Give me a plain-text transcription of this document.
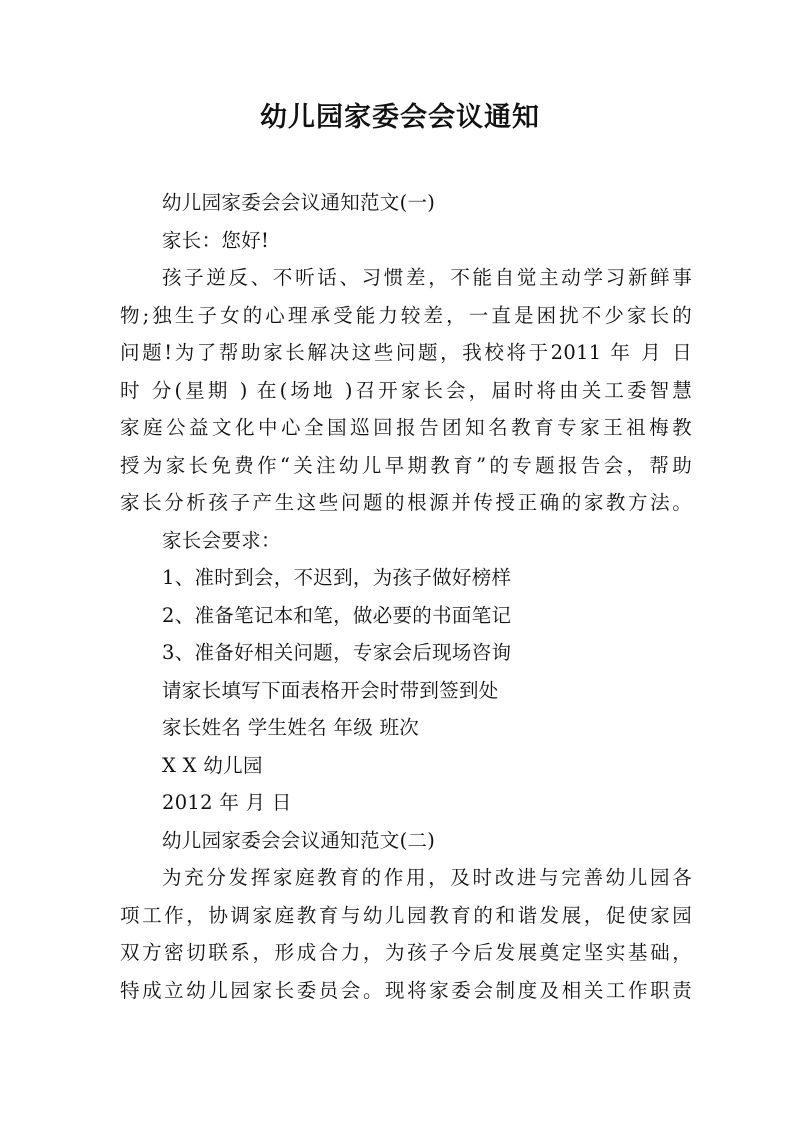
幼儿园家委会会议通知
幼儿园家委会会议通知范文(一)
家长：您好!
孩子逆反、不听话、习惯差，不能自觉主动学习新鲜事
物;独生子女的心理承受能力较差，一直是困扰不少家长的
问题!为了帮助家长解决这些问题，我校将于2011 年 月 日
时 分(星期 ) 在(场地 )召开家长会，届时将由关工委智慧
家庭公益文化中心全国巡回报告团知名教育专家王祖梅教
授为家长免费作“关注幼儿早期教育”的专题报告会，帮助
家长分析孩子产生这些问题的根源并传授正确的家教方法。
家长会要求：
1、准时到会，不迟到，为孩子做好榜样
2、准备笔记本和笔，做必要的书面笔记
3、准备好相关问题，专家会后现场咨询
请家长填写下面表格开会时带到签到处
家长姓名 学生姓名 年级 班次
X X 幼儿园
2012 年 月 日
幼儿园家委会会议通知范文(二)
为充分发挥家庭教育的作用，及时改进与完善幼儿园各
项工作，协调家庭教育与幼儿园教育的和谐发展，促使家园
双方密切联系，形成合力，为孩子今后发展奠定坚实基础，
特成立幼儿园家长委员会。现将家委会制度及相关工作职责
